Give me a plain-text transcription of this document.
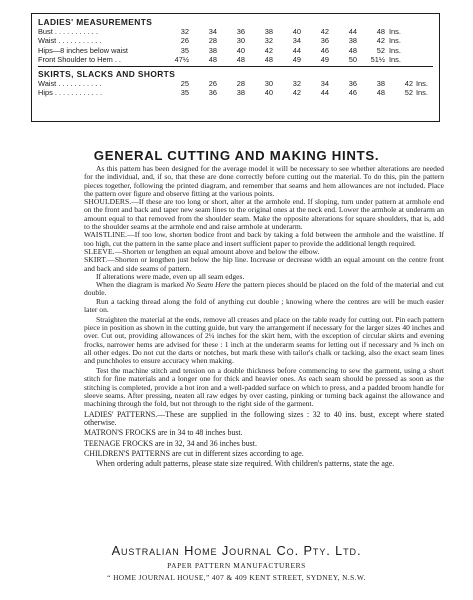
LADIES' MEASUREMENTS
Bust . . . . . . . . . . .	32	34	36	38	40	42	44	48 Ins.
Waist . . . . . . . . . . .	26	28	30	32	34	36	38	42 Ins.
Hips—8 inches below waist	35	38	40	42	44	46	48	52 Ins.
Front Shoulder to Hem . .	47½	48	48	48	49	49	50 51½ Ins.
SKIRTS, SLACKS AND SHORTS
Waist . . . . . . . . . . .	25	26	28	30	32	34	36	38	42 Ins.
Hips . . . . . . . . . . . .	35	36	38	40	42	44	46	48	52 Ins.
GENERAL CUTTING AND MAKING HINTS.

As this pattern has been designed for the average model it will be necessary to see whether alterations are needed for the individual, and, if so, that these are done correctly before cutting out the material. To do this, pin the pattern pieces together, following the printed diagram, and remember that seams and hem allowances are not included. Place the pattern over figure and observe fitting at the various points.

SHOULDERS.—If these are too long or short, alter at the armhole end. If sloping, turn under pattern at armhole end on the front and back and taper new seam lines to the original ones at the neck end. Lower the armhole at underarm an amount equal to that removed from the shoulder seam. Make the opposite alterations for square shoulders, that is, add to the shoulder seams at the armhole end and raise armhole at underarm.

WAISTLINE.—If too low, shorten bodice front and back by taking a fold between the armhole and the waistline. If too high, cut the pattern in the same place and insert sufficient paper to provide the additional length required.

SLEEVE.—Shorten or lengthen an equal amount above and below the elbow.

SKIRT.—Shorten or lengthen just below the hip line. Increase or decrease width an equal amount on the centre front and back and side seams of pattern.

If alterations were made, even up all seam edges.

When the diagram is marked No Seam Here the pattern pieces should be placed on the fold of the material and cut double.

Run a tacking thread along the fold of anything cut double ; knowing where the centres are will be much easier later on.

Straighten the material at the ends, remove all creases and place on the table ready for cutting out. Pin each pattern piece in position as shown in the cutting guide, but vary the arrangement if necessary for the larger sizes 40 inches and over. Cut out, providing allowances of 2¼ inches for the skirt hem, with the exception of circular skirts and evening frocks, narrower hems are advised for these : 1 inch at the underarm seams for letting out if necessary and ⅝ inch on all other edges. Do not cut the darts or notches, but mark these with tailor's chalk or tacking, also the exact seam lines and punchholes to ensure accuracy when making.

Test the machine stitch and tension on a double thickness before commencing to sew the garment, using a short stitch for fine materials and a longer one for thick and heavier ones. As each seam should be pressed as soon as the stitching is completed, provide a hot iron and a well-padded surface on which to press, and a padded broom handle for sleeve seams. After pressing, neaten all raw edges by over casting, pinking or turning back against the allowance and machining through the fold, but not through to the right side of the garment.

LADIES' PATTERNS.—These are supplied in the following sizes : 32 to 40 ins. bust, except where stated otherwise.

MATRON'S FROCKS are in 34 to 48 inches bust.

TEENAGE FROCKS are in 32, 34 and 36 inches bust.

CHILDREN'S PATTERNS are cut in different sizes according to age.

When ordering adult patterns, please state size required. With children's patterns, state the age.

Australian Home Journal Co. Pty. Ltd.
PAPER PATTERN MANUFACTURERS
“ HOME JOURNAL HOUSE,” 407 & 409 KENT STREET, SYDNEY, N.S.W.
